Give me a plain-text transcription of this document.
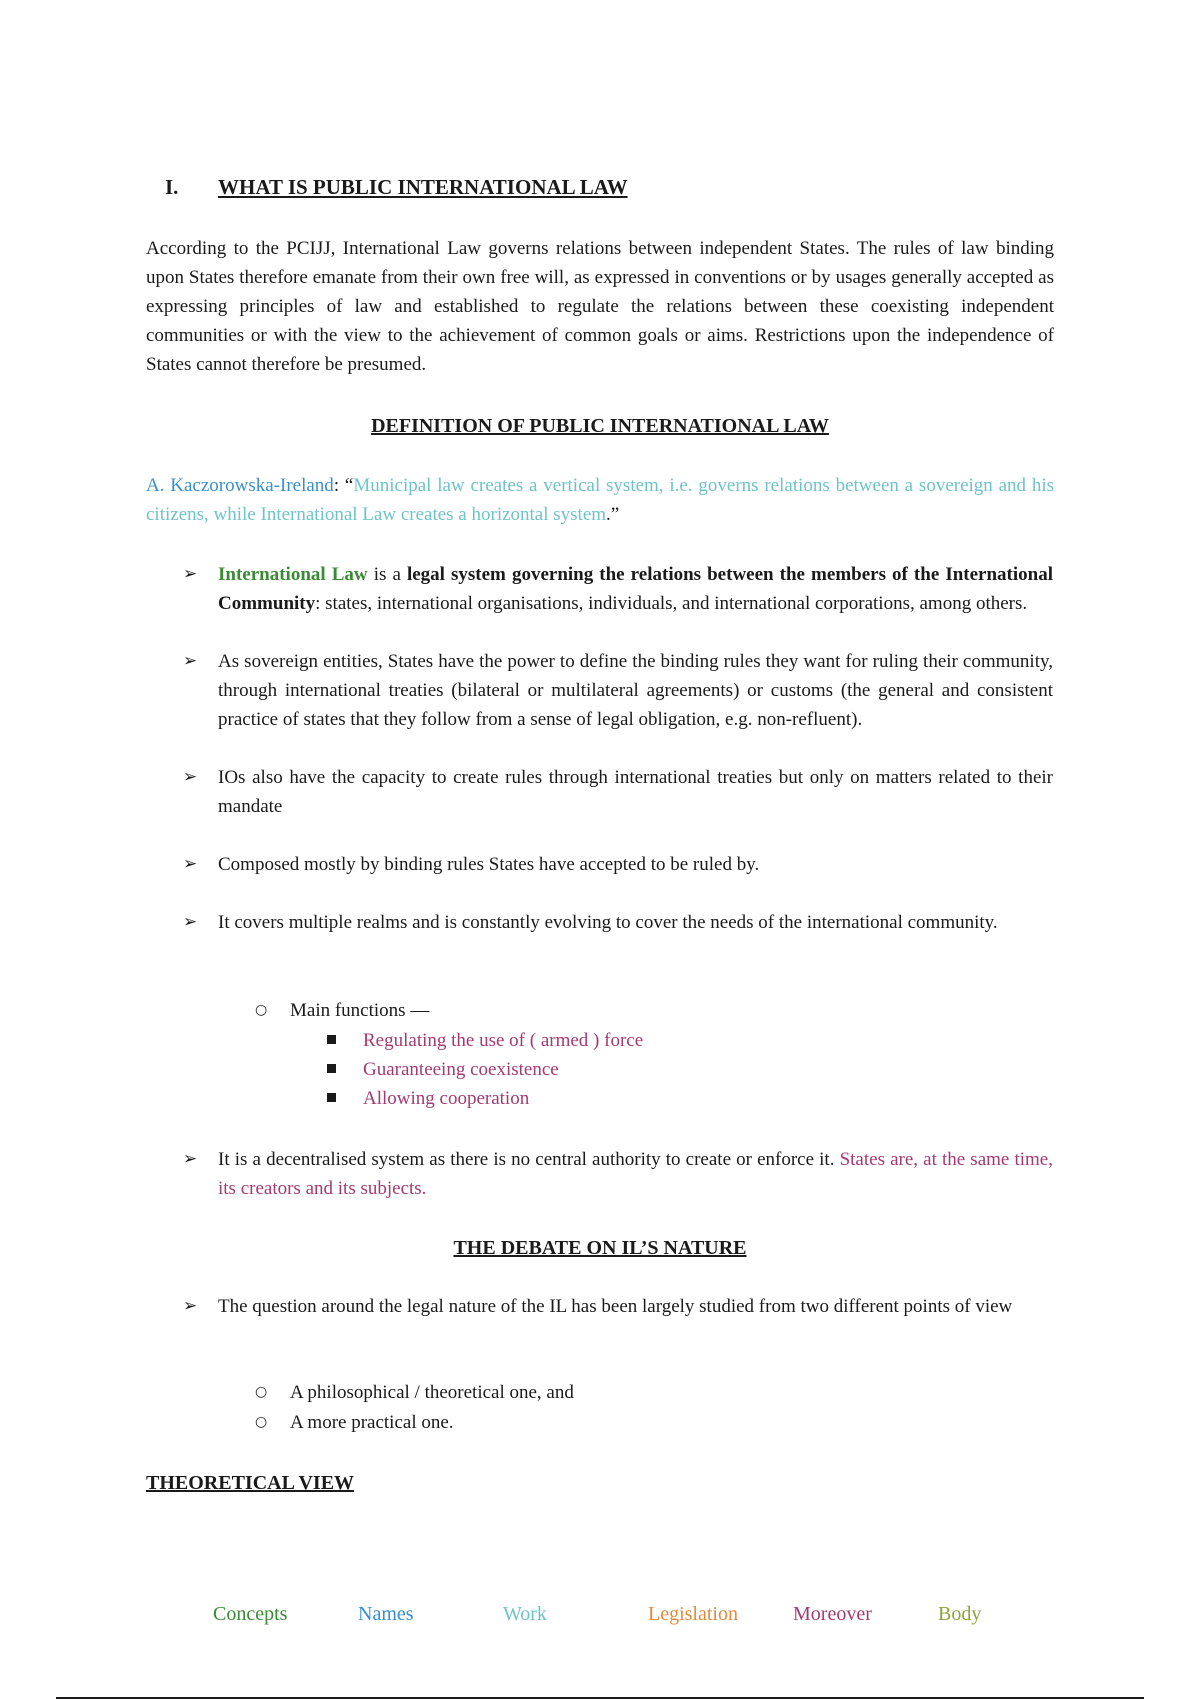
I. WHAT IS PUBLIC INTERNATIONAL LAW
According to the PCIJJ, International Law governs relations between independent States. The rules of law binding upon States therefore emanate from their own free will, as expressed in conventions or by usages generally accepted as expressing principles of law and established to regulate the relations between these coexisting independent communities or with the view to the achievement of common goals or aims. Restrictions upon the independence of States cannot therefore be presumed.
DEFINITION OF PUBLIC INTERNATIONAL LAW
A. Kaczorowska-Ireland: “Municipal law creates a vertical system, i.e. governs relations between a sovereign and his citizens, while International Law creates a horizontal system.”
➢	International Law is a legal system governing the relations between the members of the International Community: states, international organisations, individuals, and international corporations, among others.
➢	As sovereign entities, States have the power to define the binding rules they want for ruling their community, through international treaties (bilateral or multilateral agreements) or customs (the general and consistent practice of states that they follow from a sense of legal obligation, e.g. non-refluent).
➢	IOs also have the capacity to create rules through international treaties but only on matters related to their mandate
➢	Composed mostly by binding rules States have accepted to be ruled by.
➢	It covers multiple realms and is constantly evolving to cover the needs of the international community.
○ Main functions —
Regulating the use of ( armed ) force
Guaranteeing coexistence
Allowing cooperation
➢	It is a decentralised system as there is no central authority to create or enforce it. States are, at the same time, its creators and its subjects.
THE DEBATE ON IL’S NATURE
➢	The question around the legal nature of the IL has been largely studied from two different points of view
○ A philosophical / theoretical one, and
○ A more practical one.
THEORETICAL VIEW
Concepts	Names	Work	Legislation	Moreover	Body
